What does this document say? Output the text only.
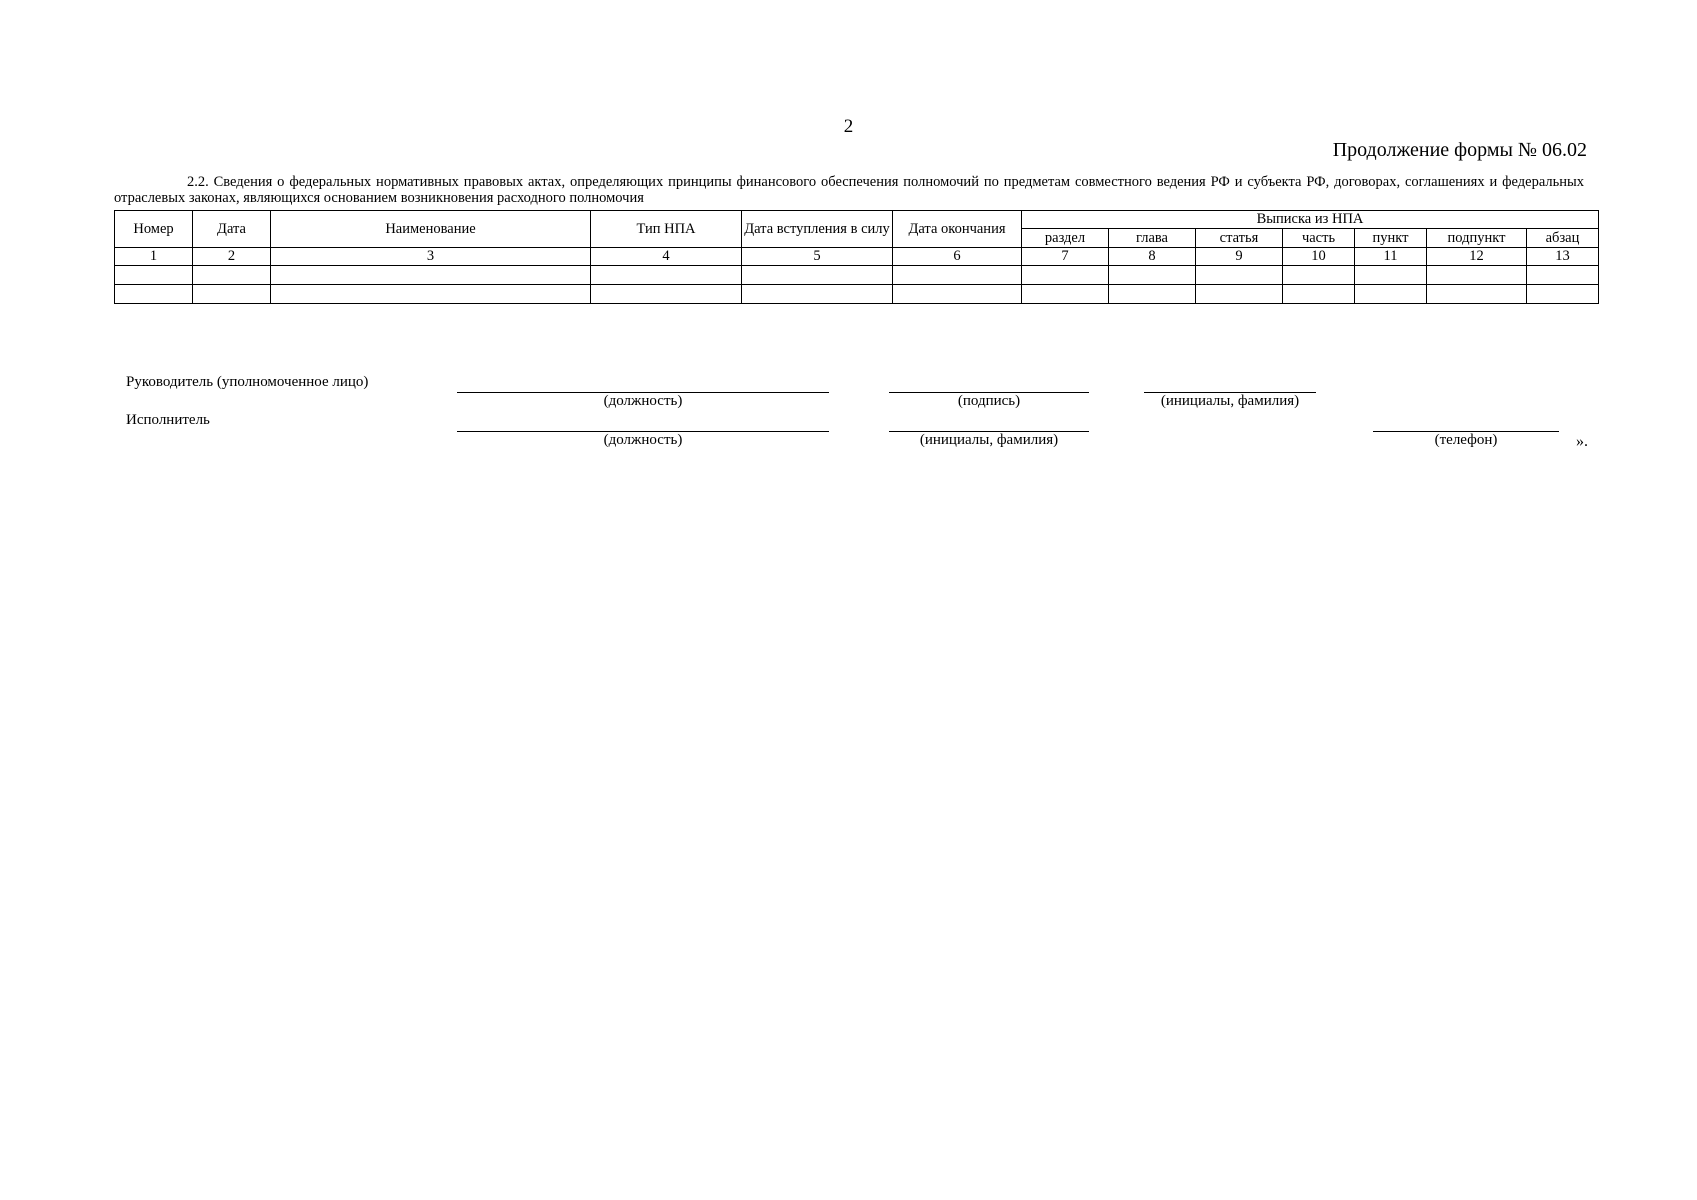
2
Продолжение формы № 06.02
2.2. Сведения о федеральных нормативных правовых актах, определяющих принципы финансового обеспечения полномочий по предметам совместного ведения РФ и субъекта РФ, договорах, соглашениях и федеральных отраслевых законах, являющихся основанием возникновения расходного полномочия
Номер	Дата	Наименование	Тип НПА	Дата вступления в силу	Дата окончания	Выписка из НПА						
						раздел	глава	статья	часть	пункт	подпункт	абзац
1	2	3	4	5	6	7	8	9	10	11	12	13

Руководитель (уполномоченное лицо)
(должность)	(подпись)	(инициалы, фамилия)
Исполнитель
(должность)	(инициалы, фамилия)	(телефон)	».
